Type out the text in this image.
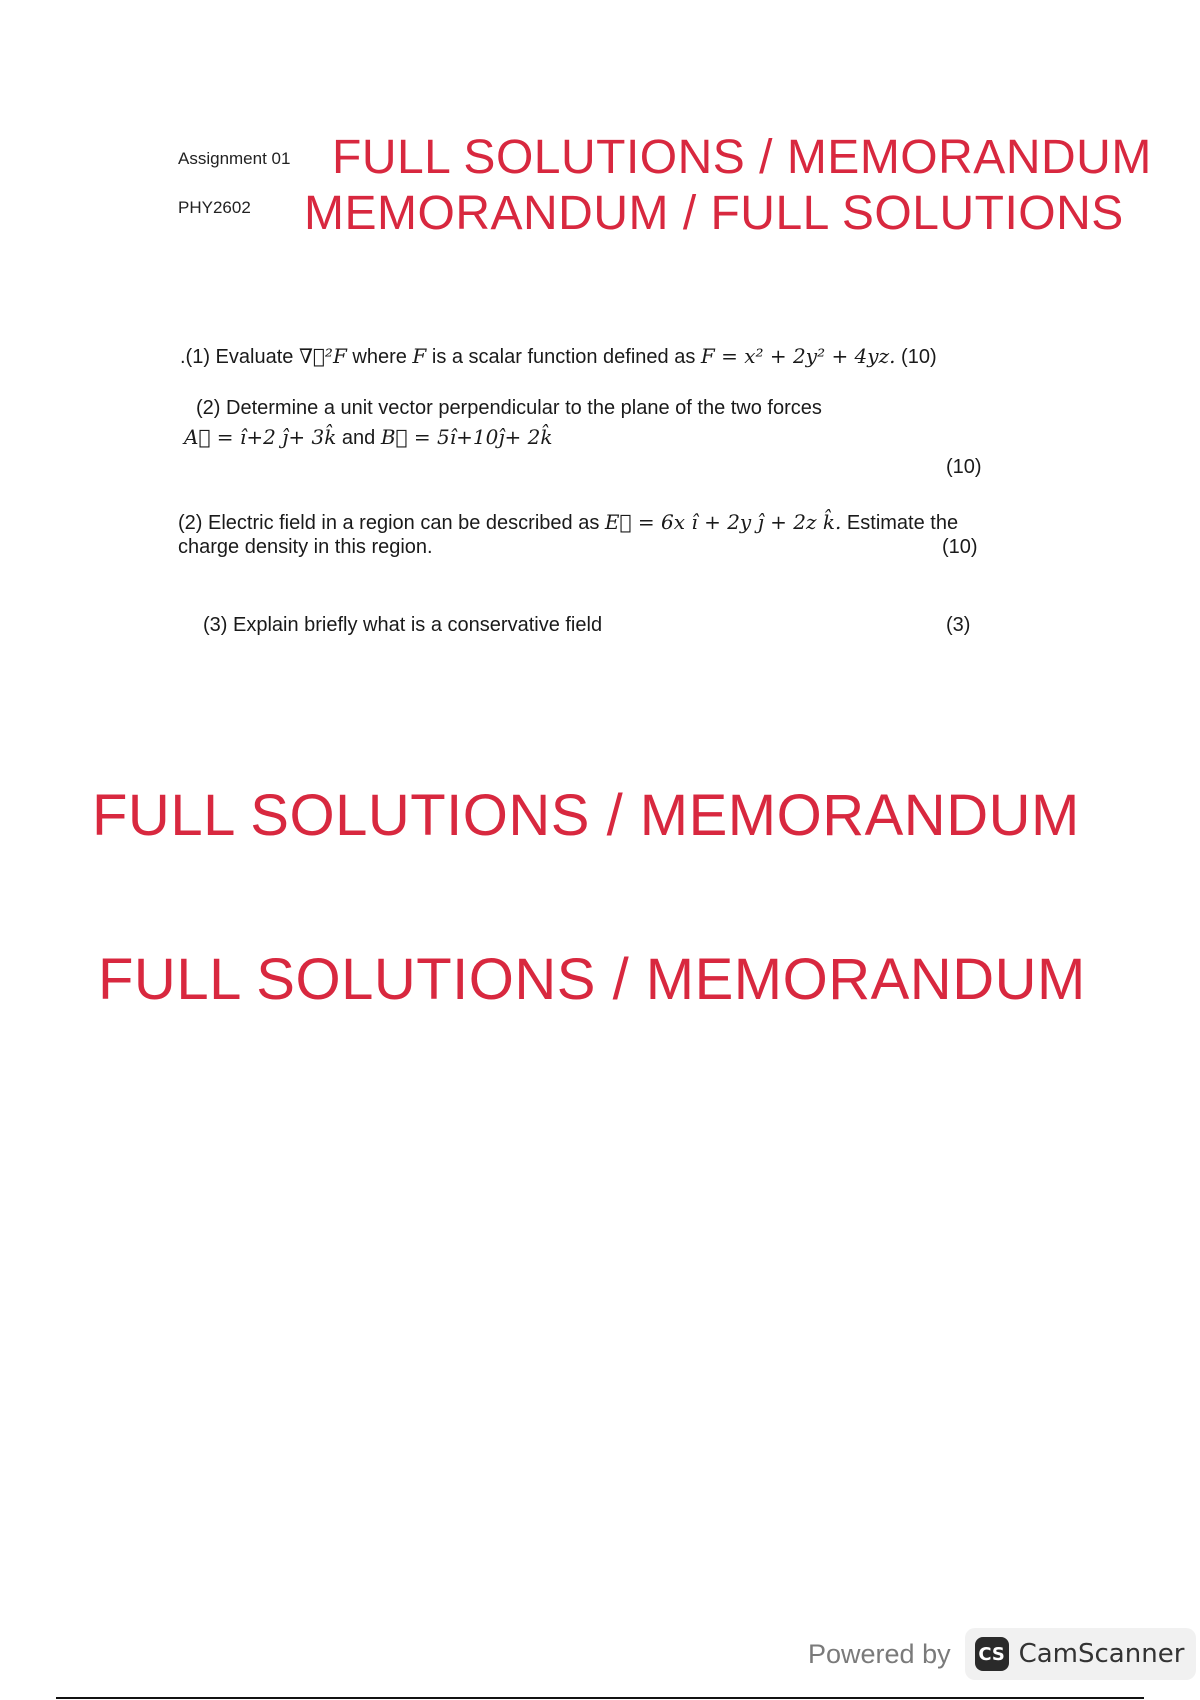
Assignment 01
PHY2602
FULL SOLUTIONS / MEMORANDUM
MEMORANDUM / FULL SOLUTIONS
.(1) Evaluate ∇⃗²F where F is a scalar function defined as F = x² + 2y² + 4yz. (10)
(2) Determine a unit vector perpendicular to the plane of the two forces
A⃗ = î+2 ĵ+ 3k̂ and B⃗ = 5î+10ĵ+ 2k̂
(10)
(2) Electric field in a region can be described as E⃗ = 6x î + 2y ĵ + 2z k̂. Estimate the
charge density in this region.	(10)
(3) Explain briefly what is a conservative field	(3)
FULL SOLUTIONS / MEMORANDUM
FULL SOLUTIONS / MEMORANDUM
Powered by CS CamScanner
